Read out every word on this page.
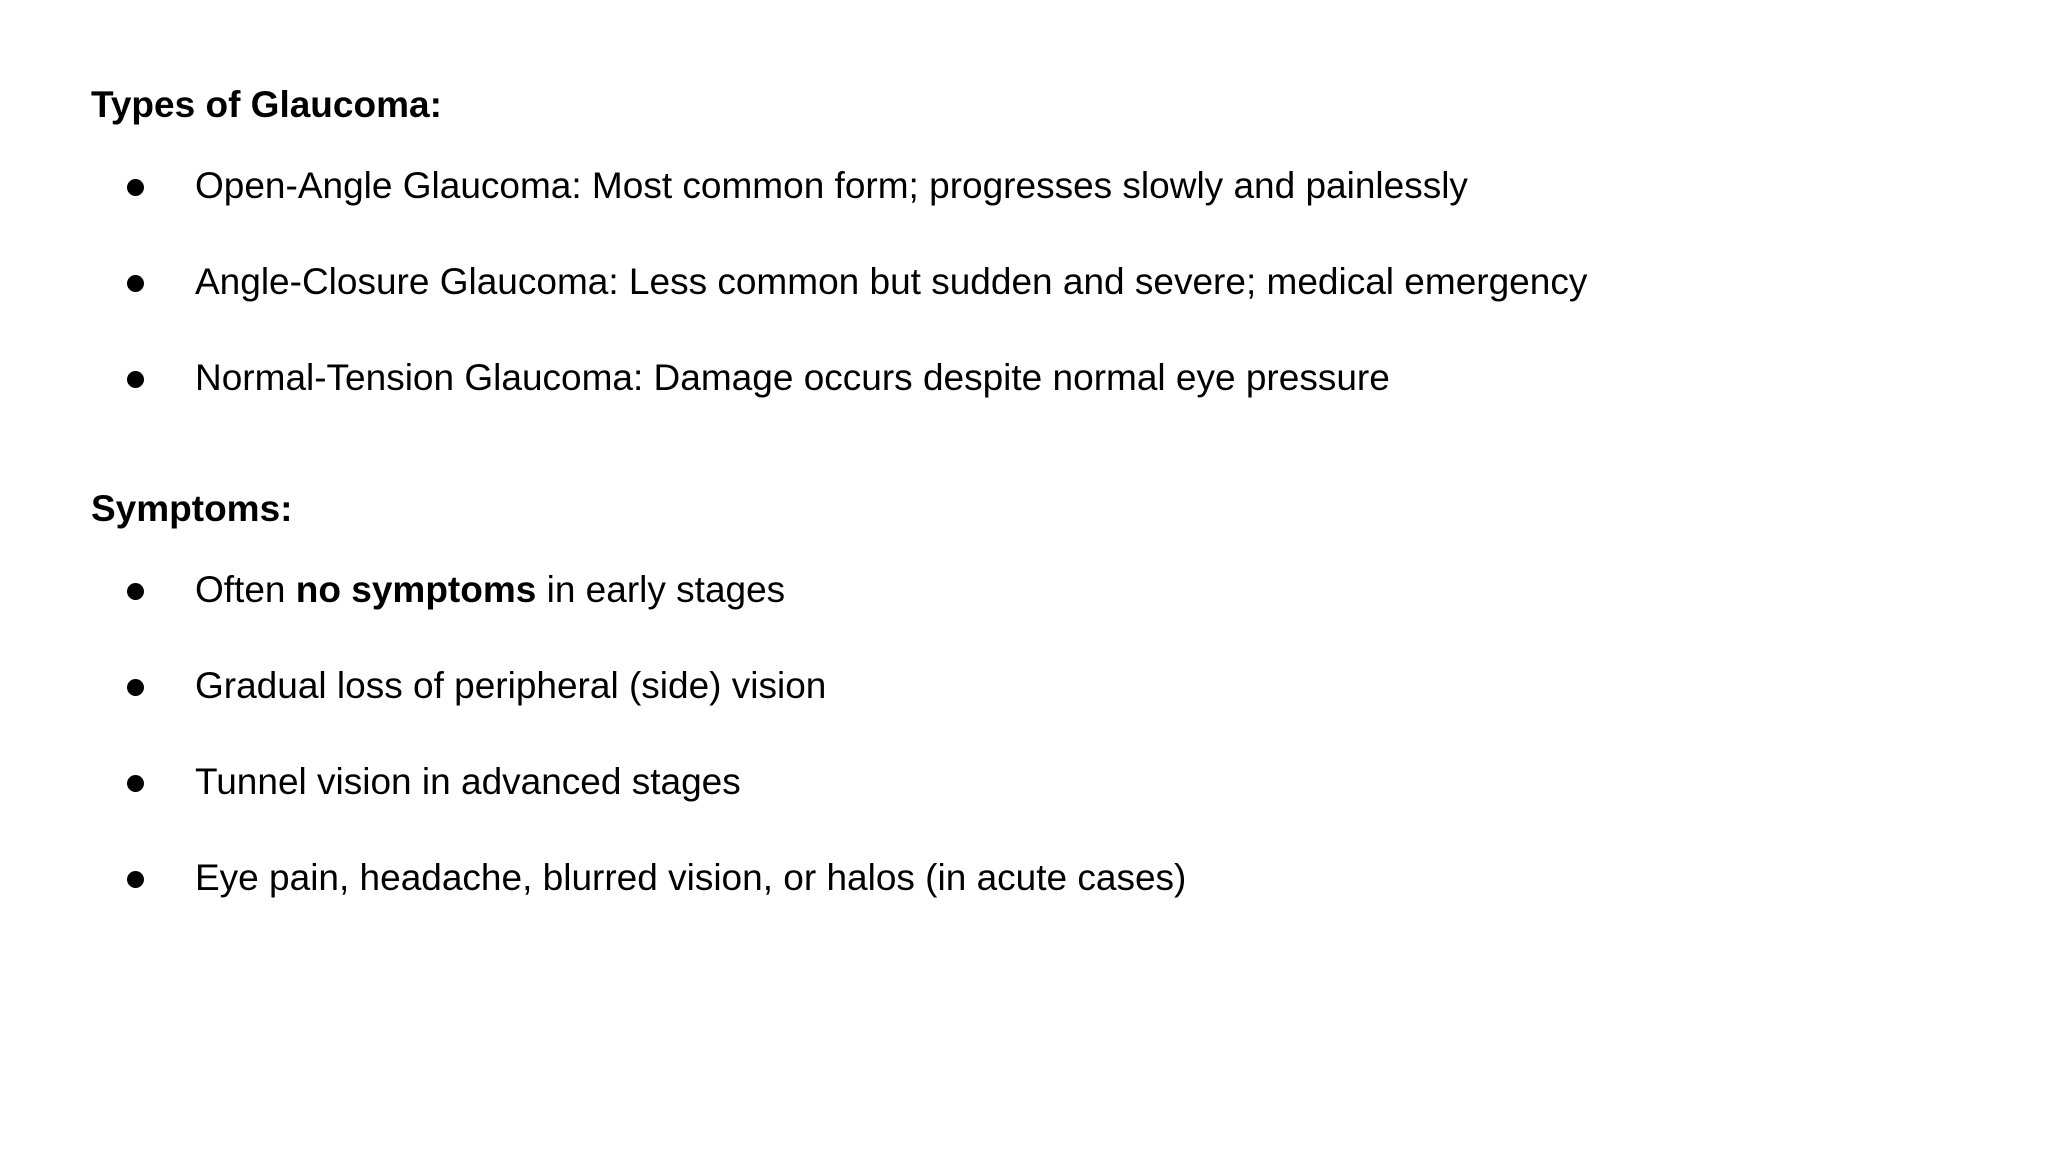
Types of Glaucoma:
Open-Angle Glaucoma: Most common form; progresses slowly and painlessly
Angle-Closure Glaucoma: Less common but sudden and severe; medical emergency
Normal-Tension Glaucoma: Damage occurs despite normal eye pressure
Symptoms:
Often no symptoms in early stages
Gradual loss of peripheral (side) vision
Tunnel vision in advanced stages
Eye pain, headache, blurred vision, or halos (in acute cases)
